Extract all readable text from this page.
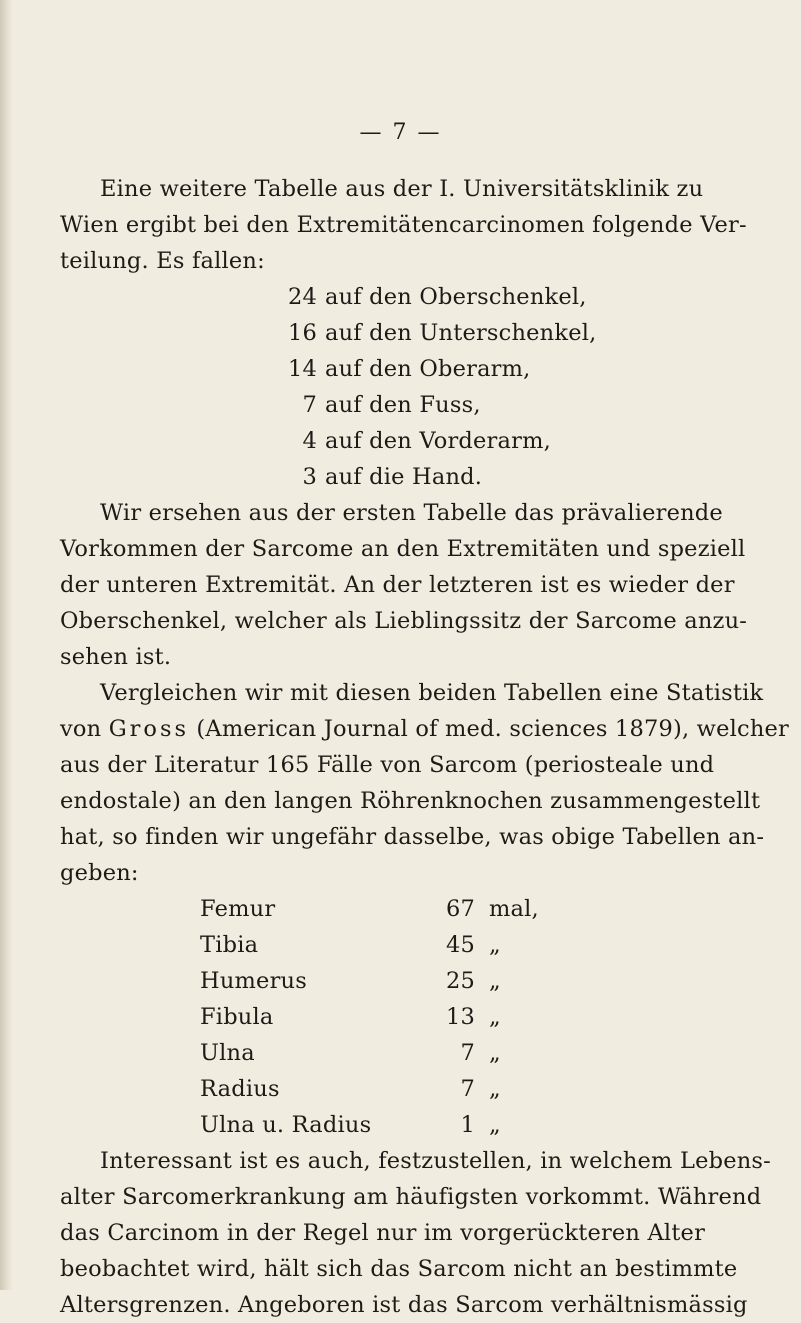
— 7 —
Eine weitere Tabelle aus der I. Universitätsklinik zu
Wien ergibt bei den Extremitätencarcinomen folgende Ver-
teilung. Es fallen:
24 auf den Oberschenkel,
16 auf den Unterschenkel,
14 auf den Oberarm,
7 auf den Fuss,
4 auf den Vorderarm,
3 auf die Hand.
Wir ersehen aus der ersten Tabelle das prävalierende
Vorkommen der Sarcome an den Extremitäten und speziell
der unteren Extremität. An der letzteren ist es wieder der
Oberschenkel, welcher als Lieblingssitz der Sarcome anzu-
sehen ist.
Vergleichen wir mit diesen beiden Tabellen eine Statistik
von Gross (American Journal of med. sciences 1879), welcher
aus der Literatur 165 Fälle von Sarcom (periosteale und
endostale) an den langen Röhrenknochen zusammengestellt
hat, so finden wir ungefähr dasselbe, was obige Tabellen an-
geben:
Femur	67 mal,
Tibia	45 „
Humerus	25 „
Fibula	13 „
Ulna	7 „
Radius	7 „
Ulna u. Radius	1 „
Interessant ist es auch, festzustellen, in welchem Lebens-
alter Sarcomerkrankung am häufigsten vorkommt. Während
das Carcinom in der Regel nur im vorgerückteren Alter
beobachtet wird, hält sich das Sarcom nicht an bestimmte
Altersgrenzen. Angeboren ist das Sarcom verhältnismässig
